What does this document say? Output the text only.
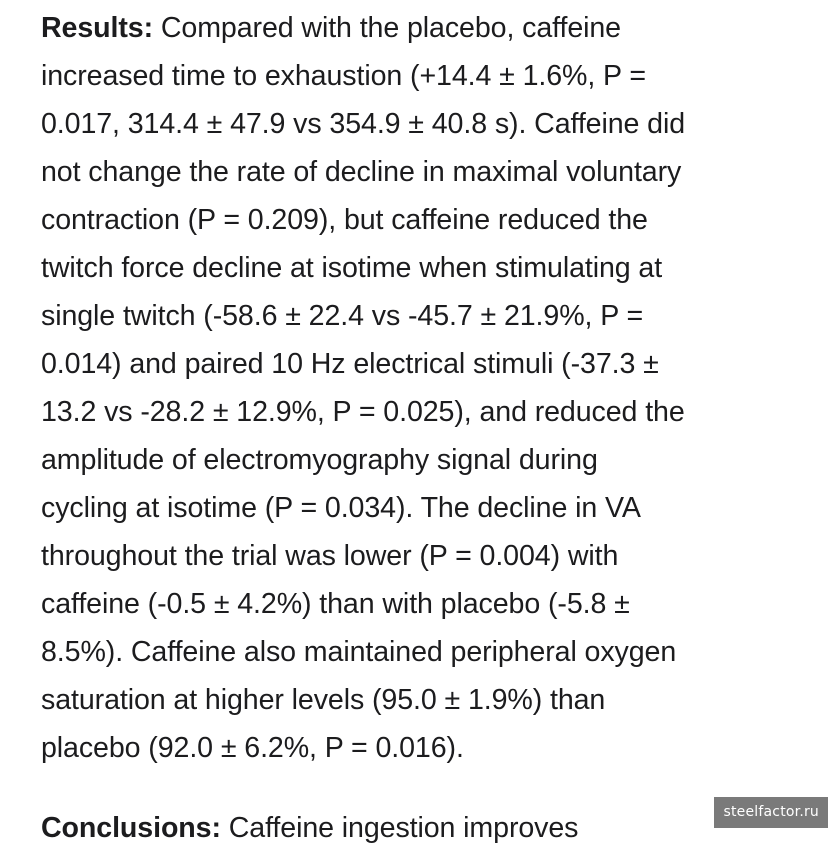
Results: Compared with the placebo, caffeine
increased time to exhaustion (+14.4 ± 1.6%, P =
0.017, 314.4 ± 47.9 vs 354.9 ± 40.8 s). Caffeine did
not change the rate of decline in maximal voluntary
contraction (P = 0.209), but caffeine reduced the
twitch force decline at isotime when stimulating at
single twitch (-58.6 ± 22.4 vs -45.7 ± 21.9%, P =
0.014) and paired 10 Hz electrical stimuli (-37.3 ±
13.2 vs -28.2 ± 12.9%, P = 0.025), and reduced the
amplitude of electromyography signal during
cycling at isotime (P = 0.034). The decline in VA
throughout the trial was lower (P = 0.004) with
caffeine (-0.5 ± 4.2%) than with placebo (-5.8 ±
8.5%). Caffeine also maintained peripheral oxygen
saturation at higher levels (95.0 ± 1.9%) than
placebo (92.0 ± 6.2%, P = 0.016).

Conclusions: Caffeine ingestion improves	steelfactor.ru
